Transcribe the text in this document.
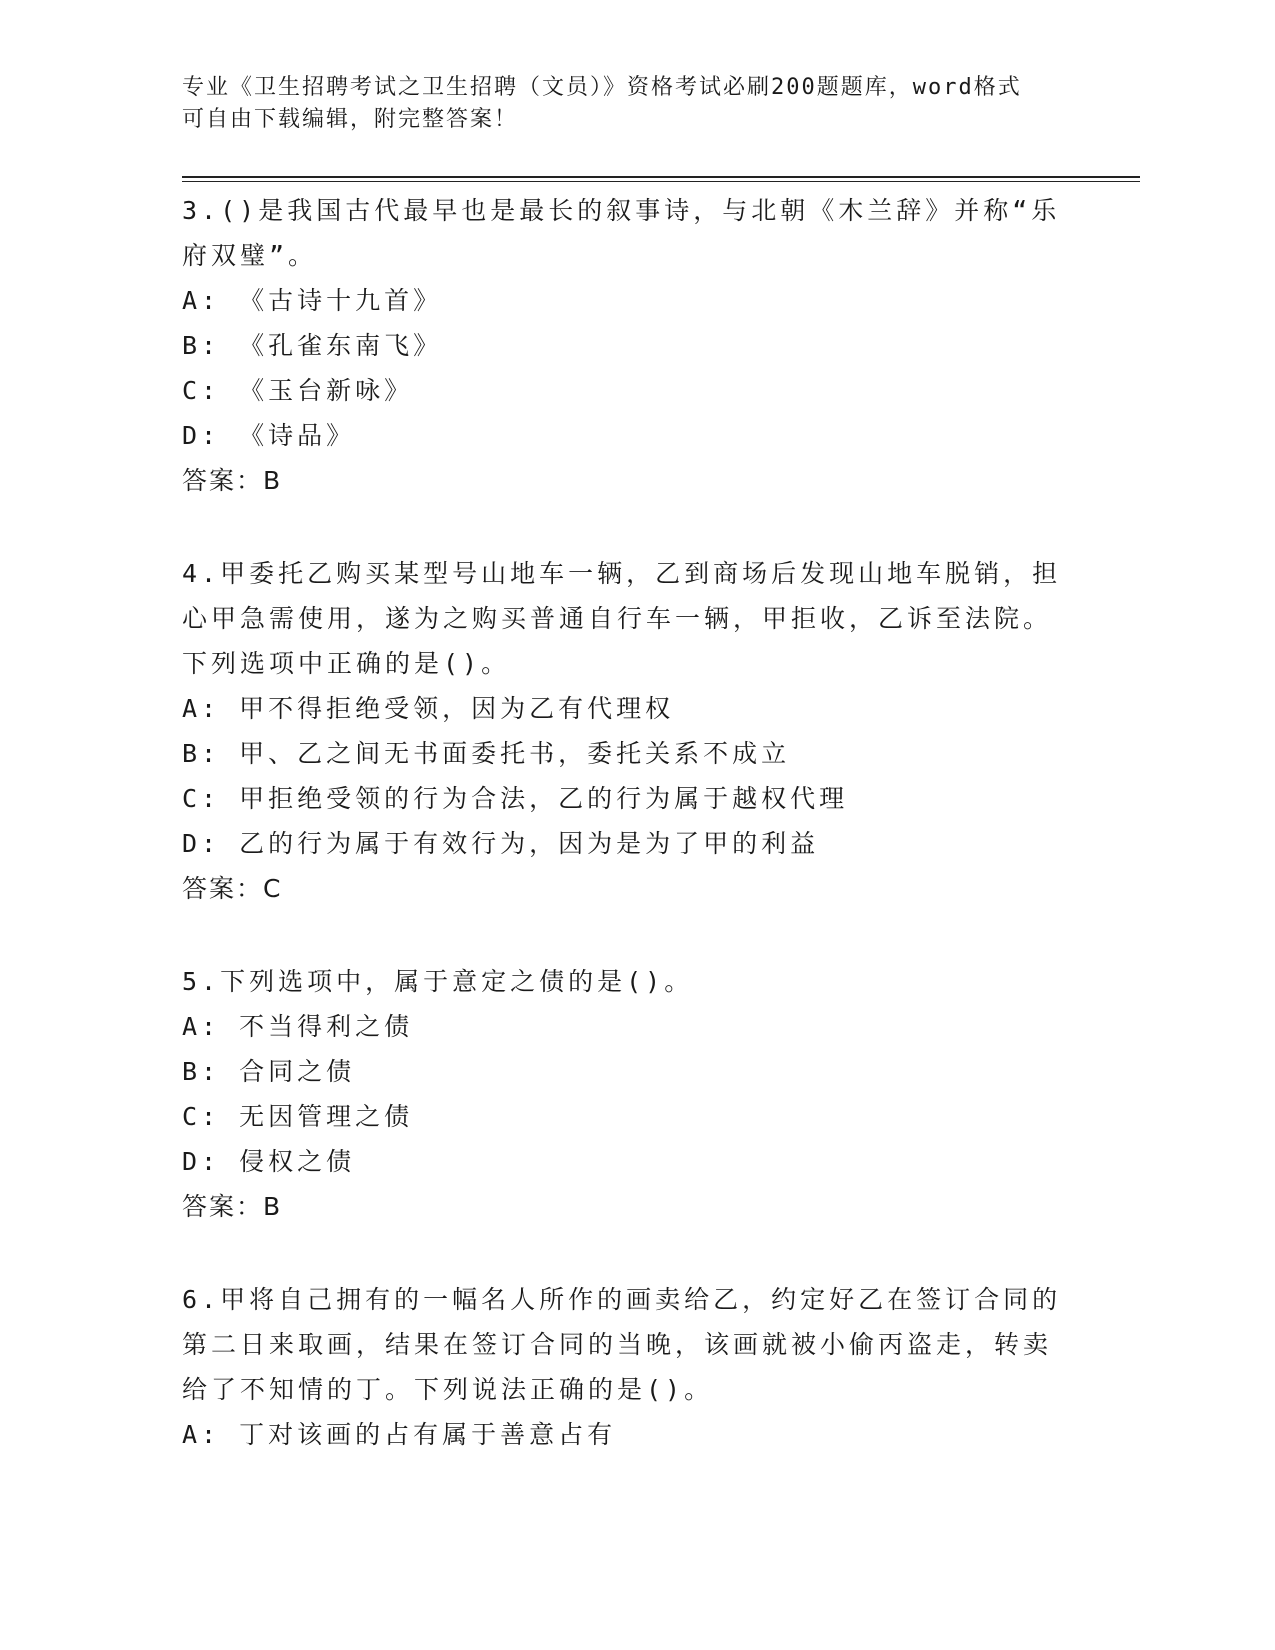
专业《卫生招聘考试之卫生招聘（文员）》资格考试必刷200题题库，word格式
可自由下载编辑，附完整答案！

3.()是我国古代最早也是最长的叙事诗，与北朝《木兰辞》并称“乐府双璧”。

A: 《古诗十九首》

B: 《孔雀东南飞》

C: 《玉台新咏》

D: 《诗品》

答案：B

4.甲委托乙购买某型号山地车一辆，乙到商场后发现山地车脱销，担心甲急需使用，遂为之购买普通自行车一辆，甲拒收，乙诉至法院。下列选项中正确的是()。

A: 甲不得拒绝受领，因为乙有代理权

B: 甲、乙之间无书面委托书，委托关系不成立

C: 甲拒绝受领的行为合法，乙的行为属于越权代理

D: 乙的行为属于有效行为，因为是为了甲的利益

答案：C

5.下列选项中，属于意定之债的是()。

A: 不当得利之债

B: 合同之债

C: 无因管理之债

D: 侵权之债

答案：B

6.甲将自己拥有的一幅名人所作的画卖给乙，约定好乙在签订合同的第二日来取画，结果在签订合同的当晚，该画就被小偷丙盗走，转卖给了不知情的丁。下列说法正确的是()。

A: 丁对该画的占有属于善意占有
